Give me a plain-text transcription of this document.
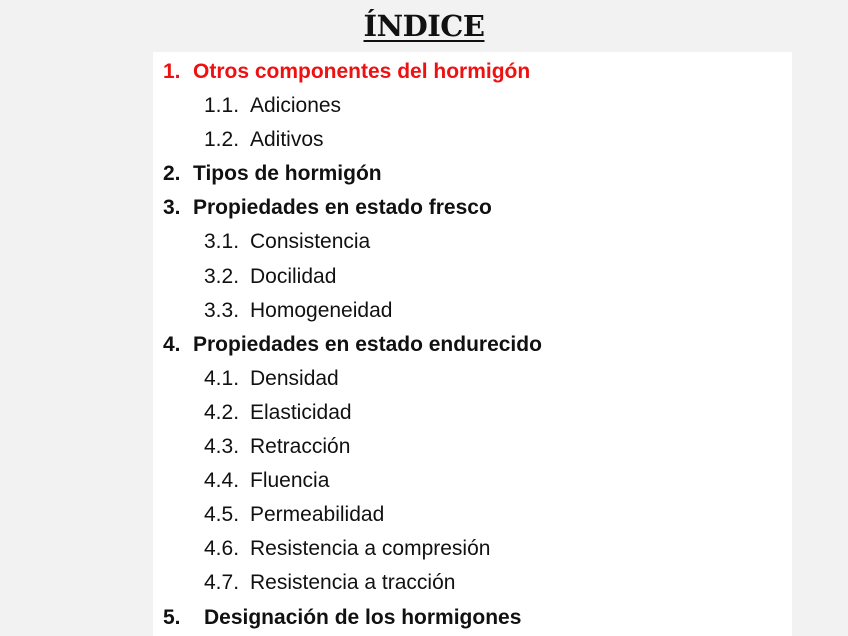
ÍNDICE
1. Otros componentes del hormigón
1.1. Adiciones
1.2. Aditivos
2. Tipos de hormigón
3. Propiedades en estado fresco
3.1. Consistencia
3.2. Docilidad
3.3. Homogeneidad
4. Propiedades en estado endurecido
4.1. Densidad
4.2. Elasticidad
4.3. Retracción
4.4. Fluencia
4.5. Permeabilidad
4.6. Resistencia a compresión
4.7. Resistencia a tracción
5. Designación de los hormigones
